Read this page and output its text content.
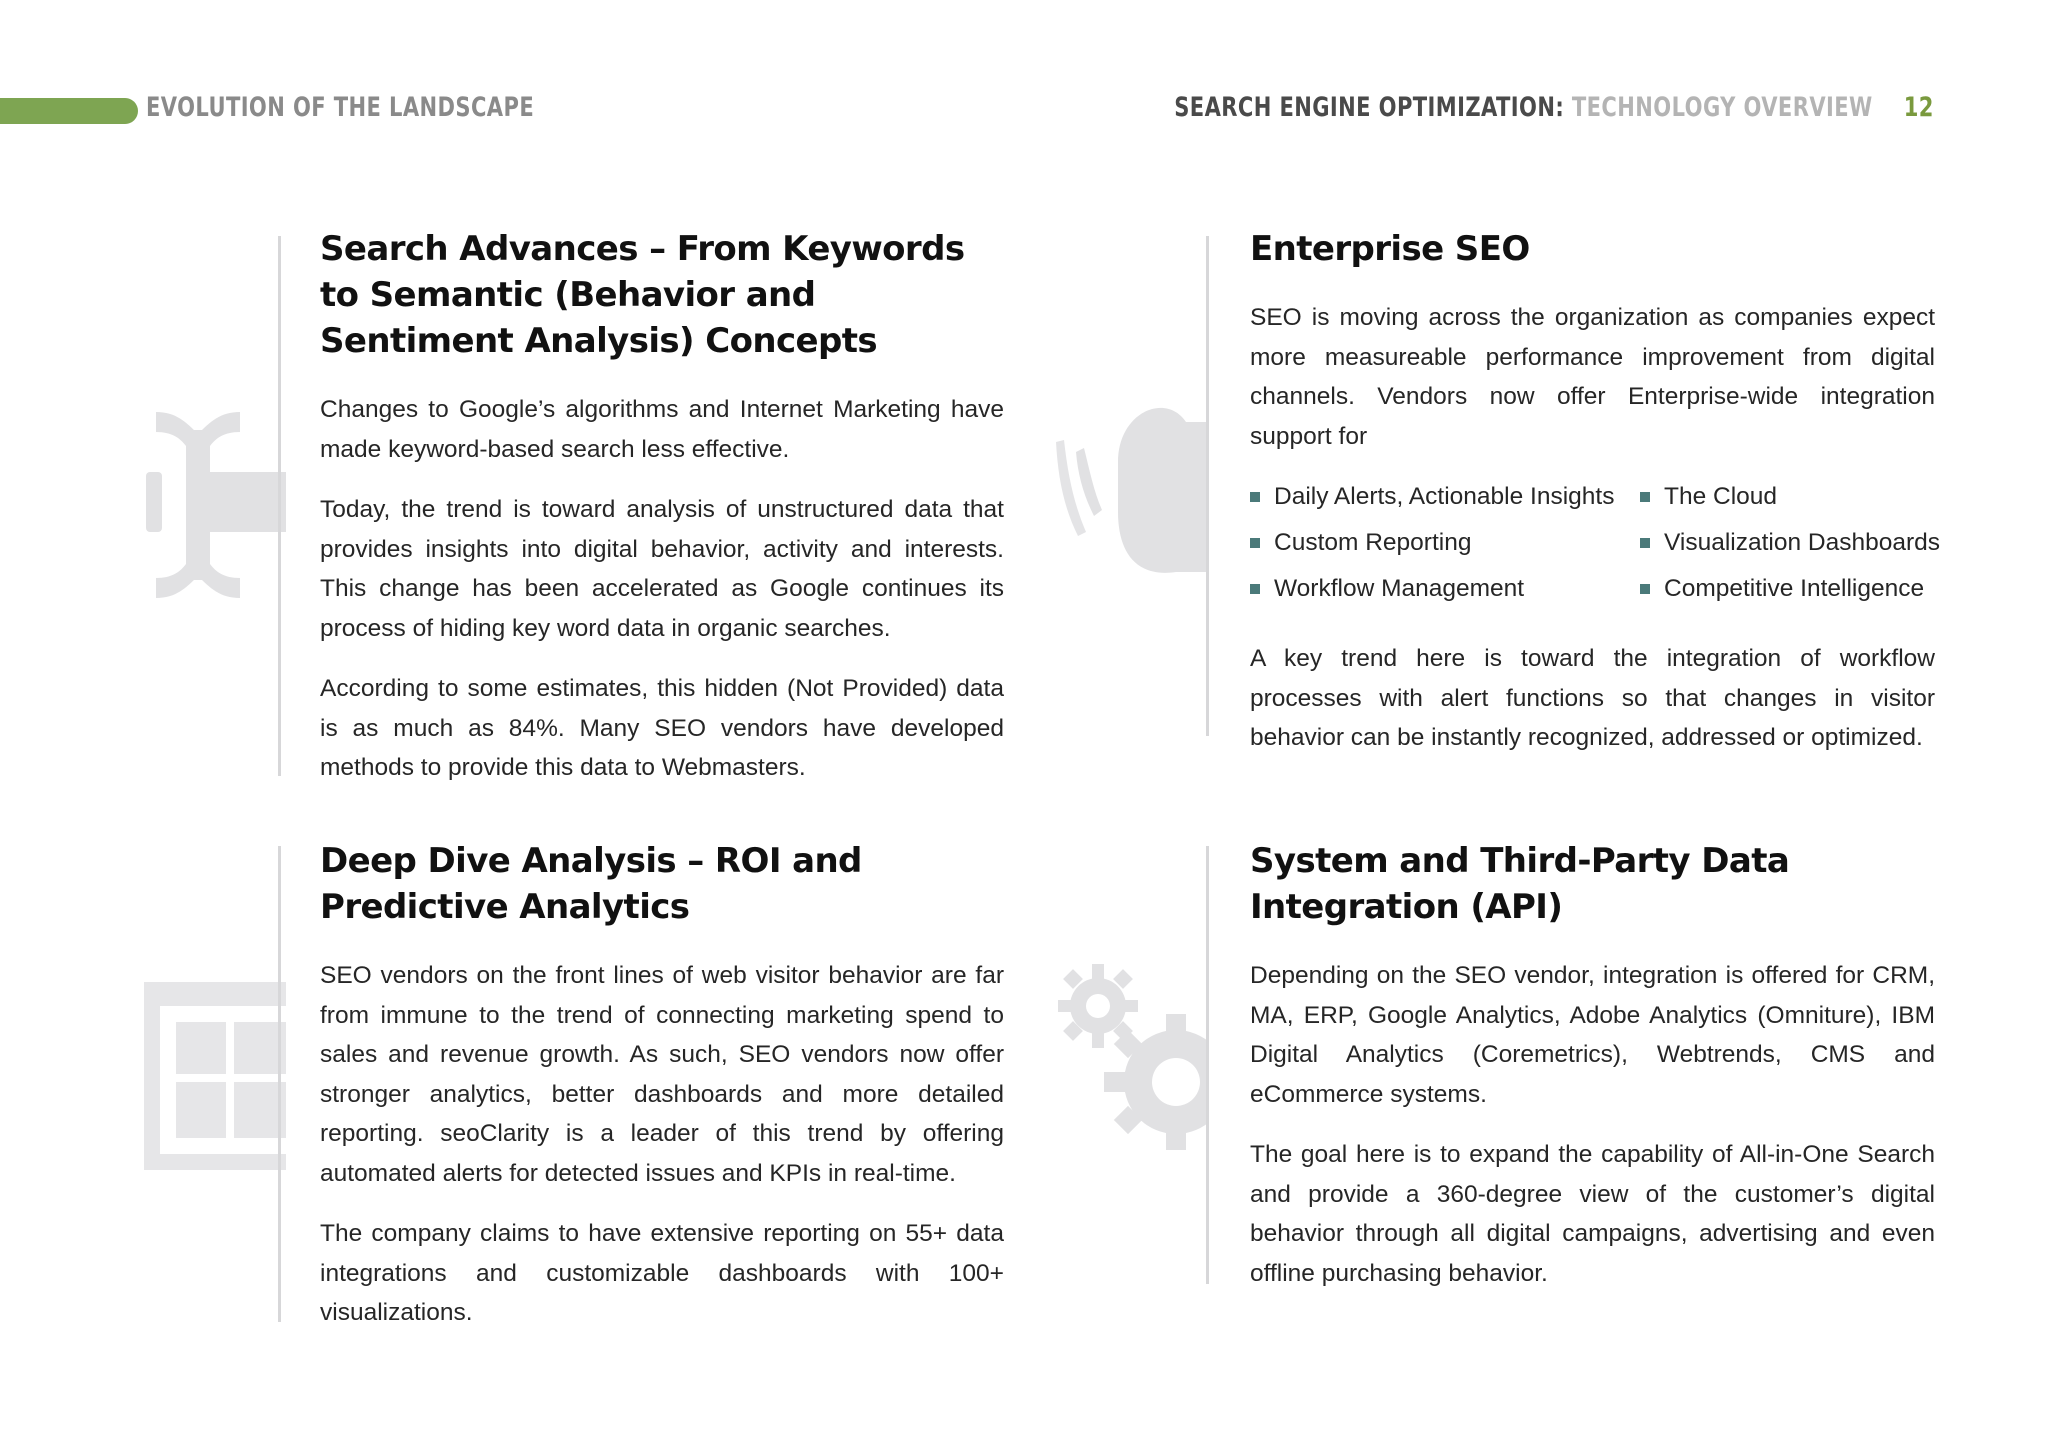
EVOLUTION OF THE LANDSCAPE	SEARCH ENGINE OPTIMIZATION: TECHNOLOGY OVERVIEW 12
Search Advances – From Keywords to Semantic (Behavior and Sentiment Analysis) Concepts

Changes to Google’s algorithms and Internet Marketing have made keyword-based search less effective.

Today, the trend is toward analysis of unstructured data that provides insights into digital behavior, activity and interests. This change has been accelerated as Google continues its process of hiding key word data in organic searches.

According to some estimates, this hidden (Not Provided) data is as much as 84%. Many SEO vendors have developed methods to provide this data to Webmasters.

Enterprise SEO

SEO is moving across the organization as companies expect more measureable performance improvement from digital channels. Vendors now offer Enterprise-wide integration support for

Daily Alerts, Actionable Insights The Cloud
Custom Reporting	Visualization Dashboards
Workflow Management	Competitive Intelligence

A key trend here is toward the integration of workflow processes with alert functions so that changes in visitor behavior can be instantly recognized, addressed or optimized.

Deep Dive Analysis – ROI and Predictive Analytics

SEO vendors on the front lines of web visitor behavior are far from immune to the trend of connecting marketing spend to sales and revenue growth. As such, SEO vendors now offer stronger analytics, better dashboards and more detailed reporting. seoClarity is a leader of this trend by offering automated alerts for detected issues and KPIs in real-time.

The company claims to have extensive reporting on 55+ data integrations and customizable dashboards with 100+ visualizations.

System and Third-Party Data Integration (API)

Depending on the SEO vendor, integration is offered for CRM, MA, ERP, Google Analytics, Adobe Analytics (Omniture), IBM Digital Analytics (Coremetrics), Webtrends, CMS and eCommerce systems.

The goal here is to expand the capability of All-in-One Search and provide a 360-degree view of the customer’s digital behavior through all digital campaigns, advertising and even offline purchasing behavior.
